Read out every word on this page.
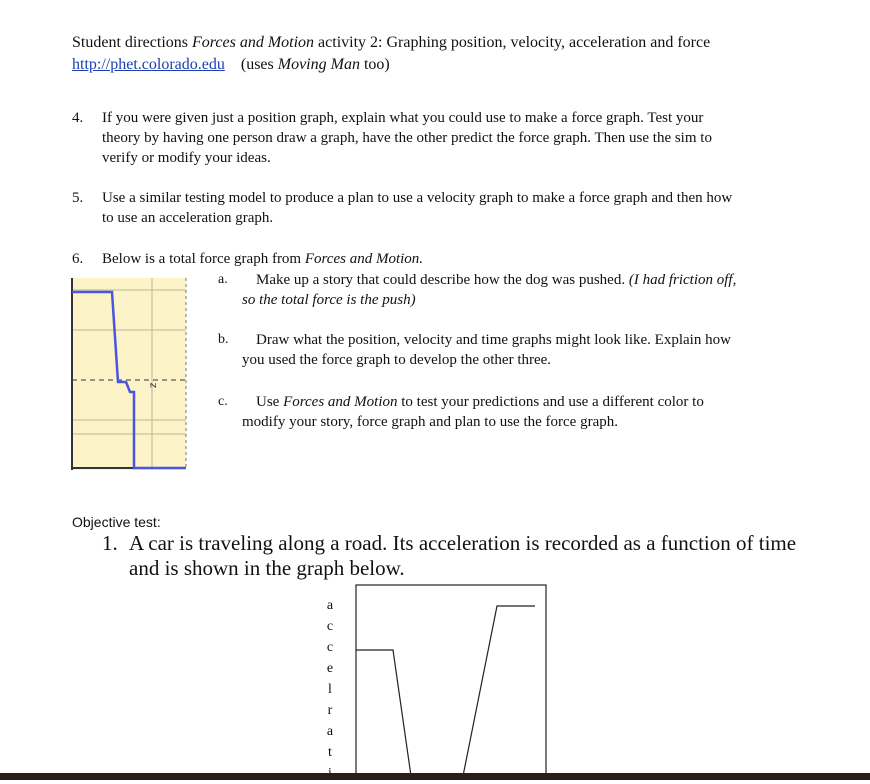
Student directions Forces and Motion activity 2: Graphing position, velocity, acceleration and force
http://phet.colorado.edu (uses Moving Man too)
4. If you were given just a position graph, explain what you could use to make a force graph. Test your
theory by having one person draw a graph, have the other predict the force graph. Then use the sim to
verify or modify your ideas.
5. Use a similar testing model to produce a plan to use a velocity graph to make a force graph and then how
to use an acceleration graph.
6. Below is a total force graph from Forces and Motion.
z
a. Make up a story that could describe how the dog was pushed. (I had friction off,
so the total force is the push)
b. Draw what the position, velocity and time graphs might look like. Explain how
you used the force graph to develop the other three.
c. Use Forces and Motion to test your predictions and use a different color to
modify your story, force graph and plan to use the force graph.
Objective test:
1. A car is traveling along a road. Its acceleration is recorded as a function of time
and is shown in the graph below.
a
c
c
e
l
r
a
t
